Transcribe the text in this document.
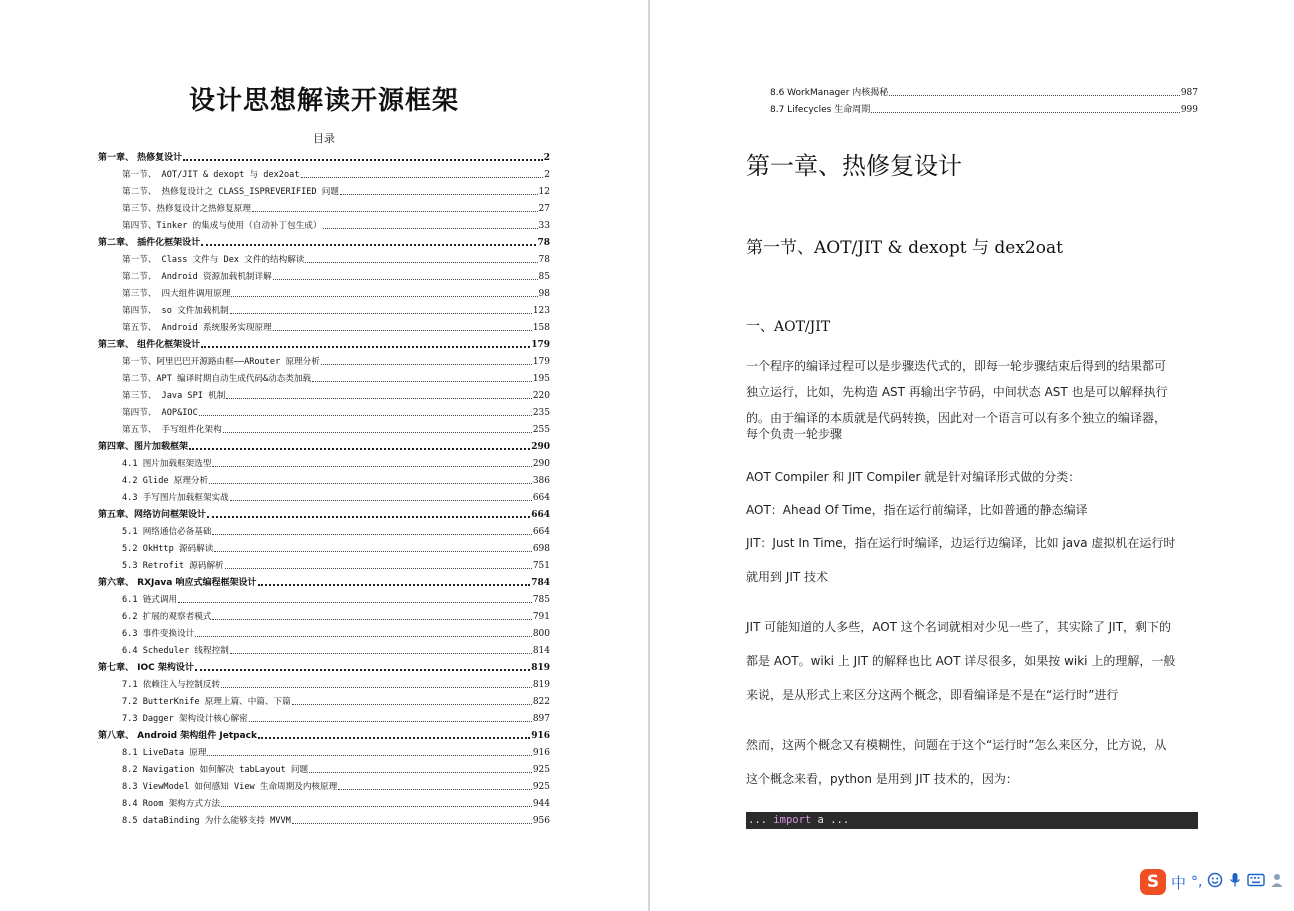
设计思想解读开源框架
目录
第一章、 热修复设计	2
第一节、 AOT/JIT & dexopt 与 dex2oat	2
第二节、 热修复设计之 CLASS_ISPREVERIFIED 问题	12
第三节、热修复设计之热修复原理	27
第四节、Tinker 的集成与使用（自动补丁包生成）	33
第二章、 插件化框架设计	78
第一节、 Class 文件与 Dex 文件的结构解读	78
第二节、 Android 资源加载机制详解	85
第三节、 四大组件调用原理	98
第四节、 so 文件加载机制	123
第五节、 Android 系统服务实现原理	158
第三章、 组件化框架设计	179
第一节、阿里巴巴开源路由框——ARouter 原理分析	179
第二节、APT 编译时期自动生成代码&动态类加载	195
第三节、 Java SPI 机制	220
第四节、 AOP&IOC	235
第五节、 手写组件化架构	255
第四章、图片加载框架	290
4.1 图片加载框架选型	290
4.2 Glide 原理分析	386
4.3 手写图片加载框架实战	664
第五章、网络访问框架设计	664
5.1 网络通信必备基础	664
5.2 OkHttp 源码解读	698
5.3 Retrofit 源码解析	751
第六章、 RXJava 响应式编程框架设计	784
6.1 链式调用	785
6.2 扩展的观察者模式	791
6.3 事件变换设计	800
6.4 Scheduler 线程控制	814
第七章、 IOC 架构设计	819
7.1 依赖注入与控制反转	819
7.2 ButterKnife 原理上篇、中篇、下篇	822
7.3 Dagger 架构设计核心解密	897
第八章、 Android 架构组件 Jetpack	916
8.1 LiveData 原理	916
8.2 Navigation 如何解决 tabLayout 问题	925
8.3 ViewModel 如何感知 View 生命周期及内核原理	925
8.4 Room 架构方式方法	944
8.5 dataBinding 为什么能够支持 MVVM	956
8.6 WorkManager 内核揭秘	987
8.7 Lifecycles 生命周期	999
第一章、热修复设计
第一节、AOT/JIT & dexopt 与 dex2oat
一、AOT/JIT
一个程序的编译过程可以是步骤迭代式的，即每一轮步骤结束后得到的结果都可
独立运行，比如，先构造 AST 再输出字节码，中间状态 AST 也是可以解释执行
的。由于编译的本质就是代码转换，因此对一个语言可以有多个独立的编译器，
每个负责一轮步骤
AOT Compiler 和 JIT Compiler 就是针对编译形式做的分类：
AOT：Ahead Of Time，指在运行前编译，比如普通的静态编译
JIT：Just In Time，指在运行时编译，边运行边编译，比如 java 虚拟机在运行时
就用到 JIT 技术
JIT 可能知道的人多些，AOT 这个名词就相对少见一些了，其实除了 JIT，剩下的
都是 AOT。wiki 上 JIT 的解释也比 AOT 详尽很多，如果按 wiki 上的理解，一般
来说，是从形式上来区分这两个概念，即看编译是不是在“运行时”进行
然而，这两个概念又有模糊性，问题在于这个“运行时”怎么来区分，比方说，从
这个概念来看，python 是用到 JIT 技术的，因为：
... import a ...
S 中 °,
